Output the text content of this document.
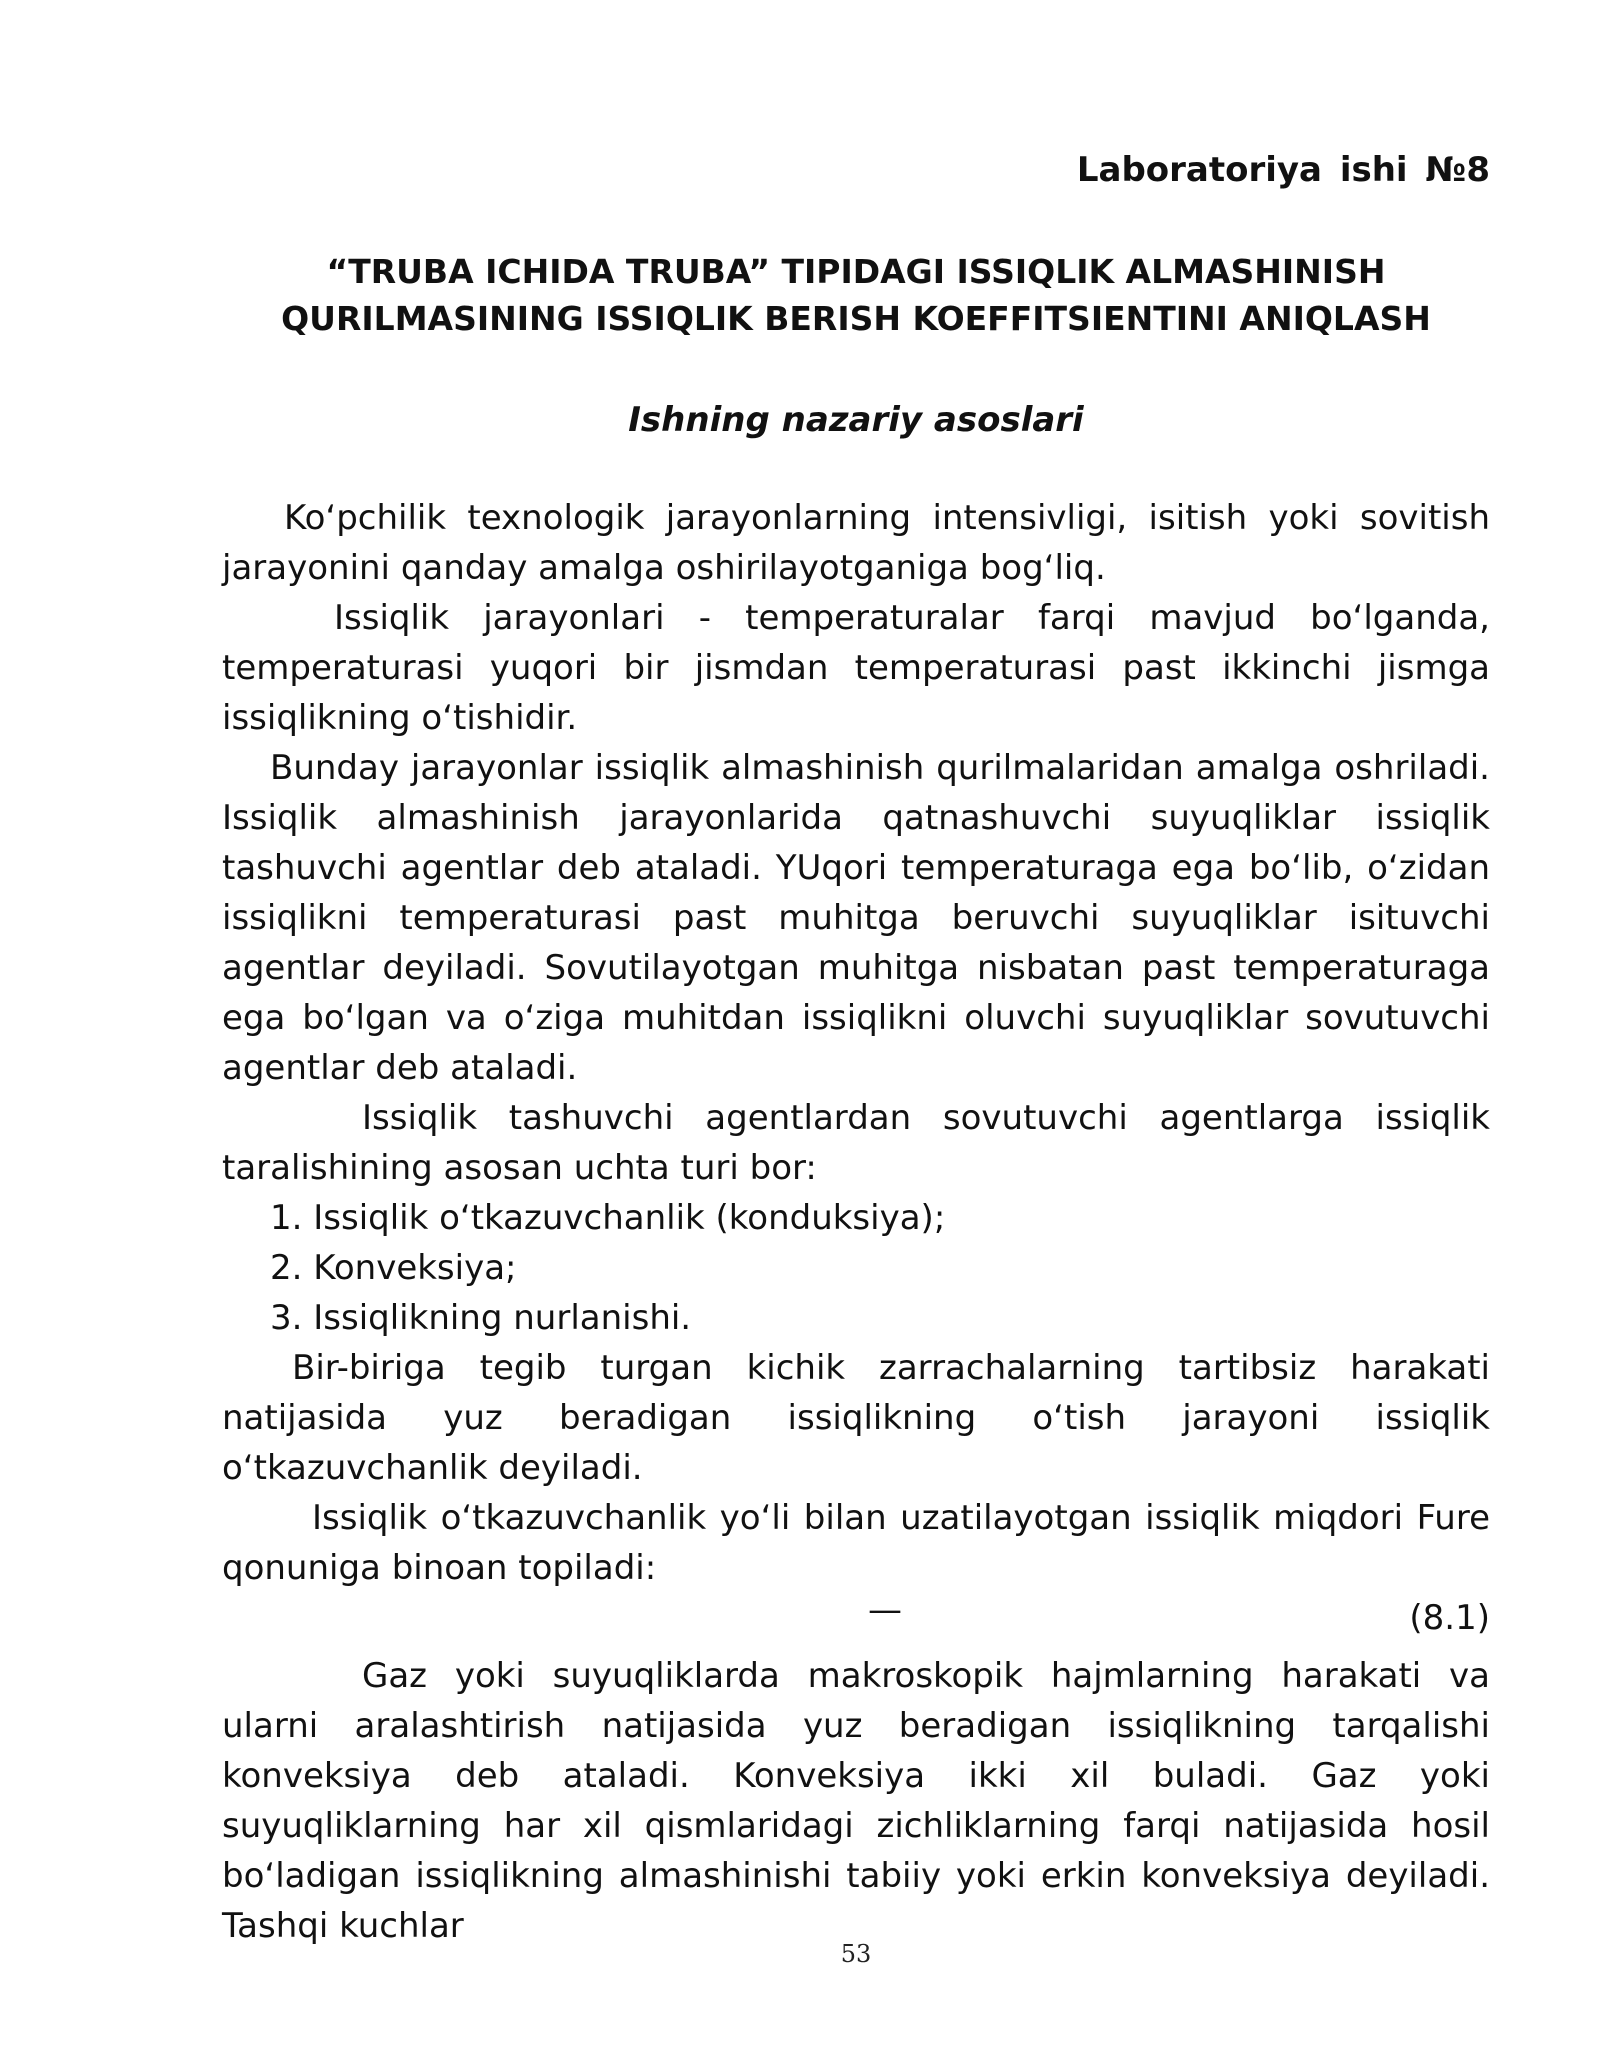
Laboratoriya ishi №8
“TRUBA ICHIDA TRUBA” TIPIDAGI ISSIQLIK ALMASHINISH
QURILMASINING ISSIQLIK BERISH KOEFFITSIENTINI ANIQLASH
Ishning nazariy asoslari

Ko‘pchilik texnologik jarayonlarning intensivligi, isitish yoki sovitish jarayonini qanday amalga oshirilayotganiga bog‘liq.

Issiqlik jarayonlari - temperaturalar farqi mavjud bo‘lganda, temperaturasi yuqori bir jismdan temperaturasi past ikkinchi jismga issiqlikning o‘tishidir.

Bunday jarayonlar issiqlik almashinish qurilmalaridan amalga oshriladi. Issiqlik almashinish jarayonlarida qatnashuvchi suyuqliklar issiqlik tashuvchi agentlar deb ataladi. YUqori temperaturaga ega bo‘lib, o‘zidan issiqlikni temperaturasi past muhitga beruvchi suyuqliklar isituvchi agentlar deyiladi. Sovutilayotgan muhitga nisbatan past temperaturaga ega bo‘lgan va o‘ziga muhitdan issiqlikni oluvchi suyuqliklar sovutuvchi agentlar deb ataladi.

Issiqlik tashuvchi agentlardan sovutuvchi agentlarga issiqlik taralishining asosan uchta turi bor:

1. Issiqlik o‘tkazuvchanlik (konduksiya);

2. Konveksiya;

3. Issiqlikning nurlanishi.

Bir-biriga tegib turgan kichik zarrachalarning tartibsiz harakati natijasida yuz beradigan issiqlikning o‘tish jarayoni issiqlik o‘tkazuvchanlik deyiladi.

Issiqlik o‘tkazuvchanlik yo‘li bilan uzatilayotgan issiqlik miqdori Fure qonuniga binoan topiladi:

—	(8.1)

Gaz yoki suyuqliklarda makroskopik hajmlarning harakati va ularni aralashtirish natijasida yuz beradigan issiqlikning tarqalishi konveksiya deb ataladi. Konveksiya ikki xil buladi. Gaz yoki suyuqliklarning har xil qismlaridagi zichliklarning farqi natijasida hosil bo‘ladigan issiqlikning almashinishi tabiiy yoki erkin konveksiya deyiladi. Tashqi kuchlar

53
